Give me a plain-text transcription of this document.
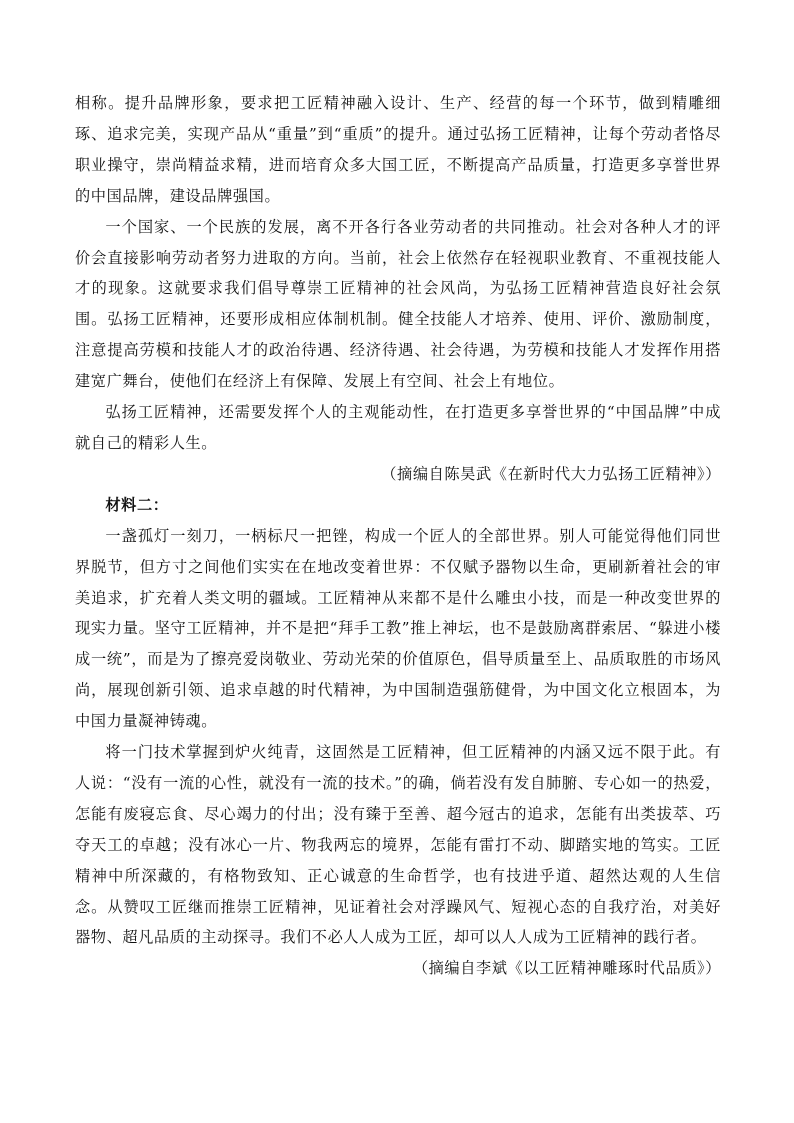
相称。提升品牌形象，要求把工匠精神融入设计、生产、经营的每一个环节，做到精雕细琢、追求完美，实现产品从“重量”到“重质”的提升。通过弘扬工匠精神，让每个劳动者恪尽职业操守，崇尚精益求精，进而培育众多大国工匠，不断提高产品质量，打造更多享誉世界的中国品牌，建设品牌强国。

一个国家、一个民族的发展，离不开各行各业劳动者的共同推动。社会对各种人才的评价会直接影响劳动者努力进取的方向。当前，社会上依然存在轻视职业教育、不重视技能人才的现象。这就要求我们倡导尊崇工匠精神的社会风尚，为弘扬工匠精神营造良好社会氛围。弘扬工匠精神，还要形成相应体制机制。健全技能人才培养、使用、评价、激励制度，注意提高劳模和技能人才的政治待遇、经济待遇、社会待遇，为劳模和技能人才发挥作用搭建宽广舞台，使他们在经济上有保障、发展上有空间、社会上有地位。

弘扬工匠精神，还需要发挥个人的主观能动性，在打造更多享誉世界的“中国品牌”中成就自己的精彩人生。

（摘编自陈昊武《在新时代大力弘扬工匠精神》）

材料二：

一盏孤灯一刻刀，一柄标尺一把锉，构成一个匠人的全部世界。别人可能觉得他们同世界脱节，但方寸之间他们实实在在地改变着世界：不仅赋予器物以生命，更刷新着社会的审美追求，扩充着人类文明的疆域。工匠精神从来都不是什么雕虫小技，而是一种改变世界的现实力量。坚守工匠精神，并不是把“拜手工教”推上神坛，也不是鼓励离群索居、“躲进小楼成一统”，而是为了擦亮爱岗敬业、劳动光荣的价值原色，倡导质量至上、品质取胜的市场风尚，展现创新引领、追求卓越的时代精神，为中国制造强筋健骨，为中国文化立根固本，为中国力量凝神铸魂。

将一门技术掌握到炉火纯青，这固然是工匠精神，但工匠精神的内涵又远不限于此。有人说：“没有一流的心性，就没有一流的技术。”的确，倘若没有发自肺腑、专心如一的热爱，怎能有废寝忘食、尽心竭力的付出；没有臻于至善、超今冠古的追求，怎能有出类拔萃、巧夺天工的卓越；没有冰心一片、物我两忘的境界，怎能有雷打不动、脚踏实地的笃实。工匠精神中所深藏的，有格物致知、正心诚意的生命哲学，也有技进乎道、超然达观的人生信念。从赞叹工匠继而推崇工匠精神，见证着社会对浮躁风气、短视心态的自我疗治，对美好器物、超凡品质的主动探寻。我们不必人人成为工匠，却可以人人成为工匠精神的践行者。

（摘编自李斌《以工匠精神雕琢时代品质》）
